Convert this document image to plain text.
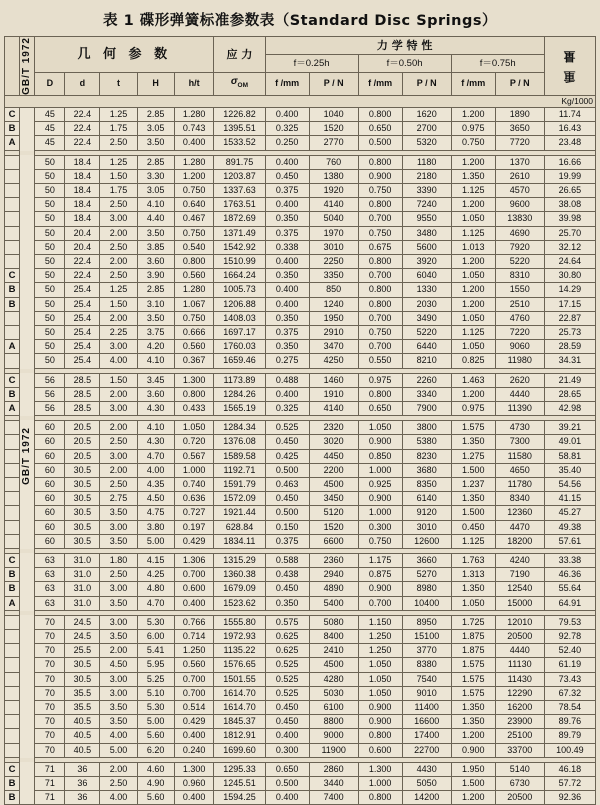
表 1 碟形弹簧标准参数表（Standard Disc Springs）

	GB/T 1972	几 何 参 数					应 力	力 学 特 性						重 量

								f＝0.25h		f＝0.50h		f＝0.75h		
		D	d	t	H	h/t	$\sigma_{OM}$	f /mm	P / N	f /mm	P / N	f /mm	P / N	

Kg/1000														

C	GB/T 1972	45	22.4	1.25	2.85	1.280	1226.82	0.400	1040	0.800	1620	1.200	1890	11.74
B		45	22.4	1.75	3.05	0.743	1395.51	0.325	1520	0.650	2700	0.975	3650	16.43
A		45	22.4	2.50	3.50	0.400	1533.52	0.250	2770	0.500	5320	0.750	7720	23.48

		50	18.4	1.25	2.85	1.280	891.75	0.400	760	0.800	1180	1.200	1370	16.66
		50	18.4	1.50	3.30	1.200	1203.87	0.450	1380	0.900	2180	1.350	2610	19.99
		50	18.4	1.75	3.05	0.750	1337.63	0.375	1920	0.750	3390	1.125	4570	26.65
		50	18.4	2.50	4.10	0.640	1763.51	0.400	4140	0.800	7240	1.200	9600	38.08
		50	18.4	3.00	4.40	0.467	1872.69	0.350	5040	0.700	9550	1.050	13830	39.98
		50	20.4	2.00	3.50	0.750	1371.49	0.375	1970	0.750	3480	1.125	4690	25.70
		50	20.4	2.50	3.85	0.540	1542.92	0.338	3010	0.675	5600	1.013	7920	32.12
		50	22.4	2.00	3.60	0.800	1510.99	0.400	2250	0.800	3920	1.200	5220	24.64
C		50	22.4	2.50	3.90	0.560	1664.24	0.350	3350	0.700	6040	1.050	8310	30.80
B		50	25.4	1.25	2.85	1.280	1005.73	0.400	850	0.800	1330	1.200	1550	14.29
B		50	25.4	1.50	3.10	1.067	1206.88	0.400	1240	0.800	2030	1.200	2510	17.15
		50	25.4	2.00	3.50	0.750	1408.03	0.350	1950	0.700	3490	1.050	4760	22.87
		50	25.4	2.25	3.75	0.666	1697.17	0.375	2910	0.750	5220	1.125	7220	25.73
A		50	25.4	3.00	4.20	0.560	1760.03	0.350	3470	0.700	6440	1.050	9060	28.59
		50	25.4	4.00	4.10	0.367	1659.46	0.275	4250	0.550	8210	0.825	11980	34.31

C		56	28.5	1.50	3.45	1.300	1173.89	0.488	1460	0.975	2260	1.463	2620	21.49
B		56	28.5	2.00	3.60	0.800	1284.26	0.400	1910	0.800	3340	1.200	4440	28.65
A		56	28.5	3.00	4.30	0.433	1565.19	0.325	4140	0.650	7900	0.975	11390	42.98

		60	20.5	2.00	4.10	1.050	1284.34	0.525	2320	1.050	3800	1.575	4730	39.21
		60	20.5	2.50	4.30	0.720	1376.08	0.450	3020	0.900	5380	1.350	7300	49.01
		60	20.5	3.00	4.70	0.567	1589.58	0.425	4450	0.850	8230	1.275	11580	58.81
		60	30.5	2.00	4.00	1.000	1192.71	0.500	2200	1.000	3680	1.500	4650	35.40
		60	30.5	2.50	4.35	0.740	1591.79	0.463	4500	0.925	8350	1.237	11780	54.56
		60	30.5	2.75	4.50	0.636	1572.09	0.450	3450	0.900	6140	1.350	8340	41.15
		60	30.5	3.50	4.75	0.727	1921.44	0.500	5120	1.000	9120	1.500	12360	45.27
		60	30.5	3.00	3.80	0.197	628.84	0.150	1520	0.300	3010	0.450	4470	49.38
		60	30.5	3.50	5.00	0.429	1834.11	0.375	6600	0.750	12600	1.125	18200	57.61

C		63	31.0	1.80	4.15	1.306	1315.29	0.588	2360	1.175	3660	1.763	4240	33.38
B		63	31.0	2.50	4.25	0.700	1360.38	0.438	2940	0.875	5270	1.313	7190	46.36
B		63	31.0	3.00	4.80	0.600	1679.09	0.450	4890	0.900	8980	1.350	12540	55.64
A		63	31.0	3.50	4.70	0.400	1523.62	0.350	5400	0.700	10400	1.050	15000	64.91

		70	24.5	3.00	5.30	0.766	1555.80	0.575	5080	1.150	8950	1.725	12010	79.53
		70	24.5	3.50	6.00	0.714	1972.93	0.625	8400	1.250	15100	1.875	20500	92.78
		70	25.5	2.00	5.41	1.250	1135.22	0.625	2410	1.250	3770	1.875	4440	52.40
		70	30.5	4.50	5.95	0.560	1576.65	0.525	4500	1.050	8380	1.575	11130	61.19
		70	30.5	3.00	5.25	0.700	1501.55	0.525	4280	1.050	7540	1.575	11430	73.43
		70	35.5	3.00	5.10	0.700	1614.70	0.525	5030	1.050	9010	1.575	12290	67.32
		70	35.5	3.50	5.30	0.514	1614.70	0.450	6100	0.900	11400	1.350	16200	78.54
		70	40.5	3.50	5.00	0.429	1845.37	0.450	8800	0.900	16600	1.350	23900	89.76
		70	40.5	4.00	5.60	0.400	1812.91	0.400	9000	0.800	17400	1.200	25100	89.79
		70	40.5	5.00	6.20	0.240	1699.60	0.300	11900	0.600	22700	0.900	33700	100.49

C		71	36	2.00	4.60	1.300	1295.33	0.650	2860	1.300	4430	1.950	5140	46.18
B		71	36	2.50	4.90	0.960	1245.51	0.500	3440	1.000	5050	1.500	6730	57.72
B		71	36	4.00	5.60	0.400	1594.25	0.400	7400	0.800	14200	1.200	20500	92.36
